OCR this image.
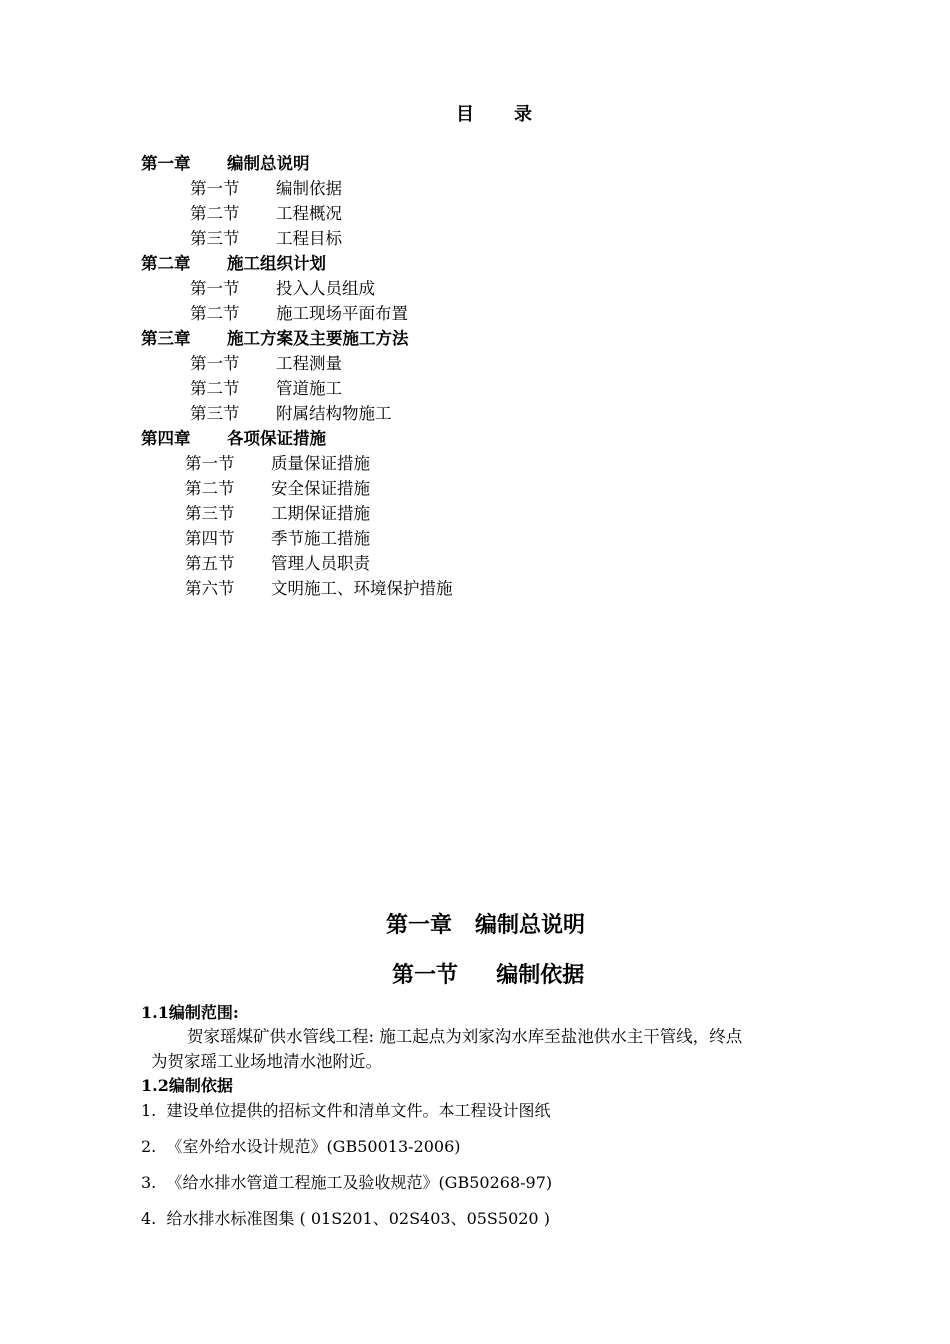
目 录
第一章 编制总说明
第一节 编制依据
第二节 工程概况
第三节 工程目标
第二章 施工组织计划
第一节 投入人员组成
第二节 施工现场平面布置
第三章 施工方案及主要施工方法
第一节 工程测量
第二节 管道施工
第三节 附属结构物施工
第四章 各项保证措施
第一节 质量保证措施
第二节 安全保证措施
第三节 工期保证措施
第四节 季节施工措施
第五节 管理人员职责
第六节 文明施工、环境保护措施
第一章   编制总说明
第一节     编制依据
1.1编制范围:
贺家瑶煤矿供水管线工程: 施工起点为刘家沟水库至盐池供水主干管线，终点
为贺家瑶工业场地清水池附近。
1.2编制依据
1.  建设单位提供的招标文件和清单文件。本工程设计图纸
2.  《室外给水设计规范》(GB50013-2006)
3.  《给水排水管道工程施工及验收规范》(GB50268-97)
4.  给水排水标准图集 ( 01S201、02S403、05S5020 )
